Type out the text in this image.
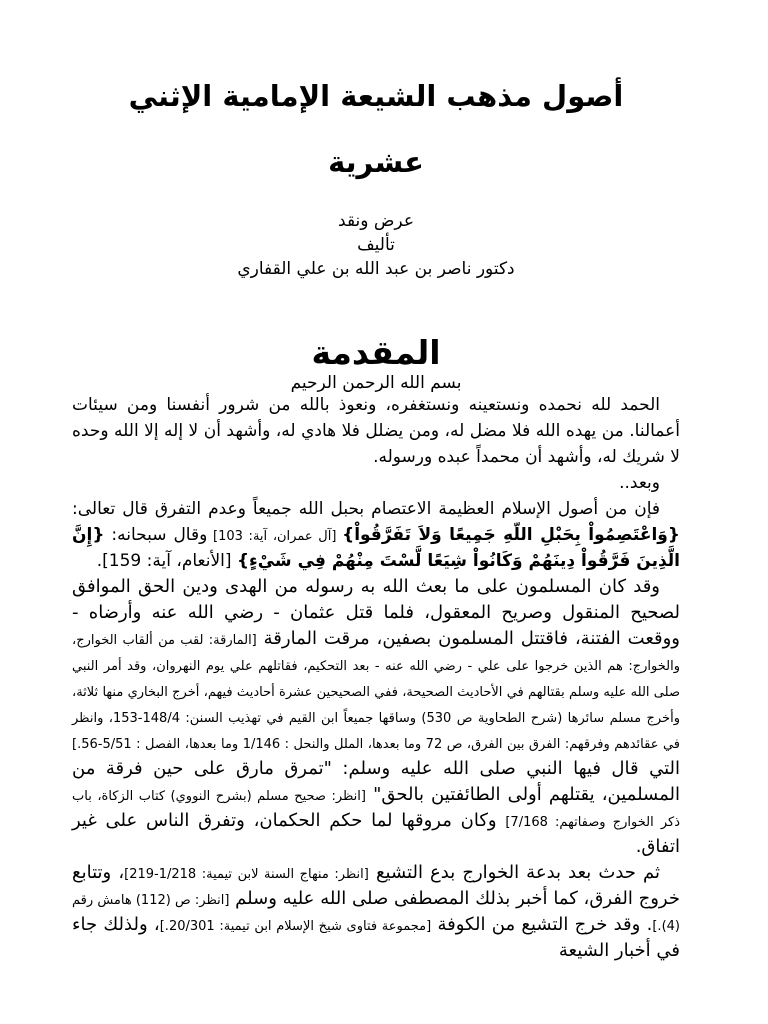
أصول مذهب الشيعة الإمامية الإثني
عشرية
عرض ونقد
تأليف
دكتور ناصر بن عبد الله بن علي القفاري
المقدمة
بسم الله الرحمن الرحيم

الحمد لله نحمده ونستعينه ونستغفره، ونعوذ بالله من شرور أنفسنا ومن سيئات أعمالنا. من يهده الله فلا مضل له، ومن يضلل فلا هادي له، وأشهد أن لا إله إلا الله وحده لا شريك له، وأشهد أن محمداً عبده ورسوله.

وبعد..

فإن من أصول الإسلام العظيمة الاعتصام بحبل الله جميعاً وعدم التفرق قال تعالى: {وَاعْتَصِمُواْ بِحَبْلِ اللّهِ جَمِيعًا وَلاَ تَفَرَّقُواْ} [آل عمران، آية: 103] وقال سبحانه: {إِنَّ الَّذِينَ فَرَّقُواْ دِينَهُمْ وَكَانُواْ شِيَعًا لَّسْتَ مِنْهُمْ فِي شَيْءٍ} [الأنعام، آية: 159].

وقد كان المسلمون على ما بعث الله به رسوله من الهدى ودين الحق الموافق لصحيح المنقول وصريح المعقول، فلما قتل عثمان - رضي الله عنه وأرضاه - ووقعت الفتنة، فاقتتل المسلمون بصفين، مرقت المارقة [المارقة: لقب من ألقاب الخوارج، والخوارج: هم الذين خرجوا على علي - رضي الله عنه - بعد التحكيم، فقاتلهم علي يوم النهروان، وقد أمر النبي صلى الله عليه وسلم بقتالهم في الأحاديث الصحيحة، ففي الصحيحين عشرة أحاديث فيهم، أخرج البخاري منها ثلاثة، وأخرج مسلم سائرها (شرح الطحاوية ص 530) وساقها جميعاً ابن القيم في تهذيب السنن: 148/4-153، وانظر في عقائدهم وفرقهم: الفرق بين الفرق، ص 72 وما بعدها، الملل والنحل : 1/146 وما بعدها، الفصل : 5/51-56.] التي قال فيها النبي صلى الله عليه وسلم: "تمرق مارق على حين فرقة من المسلمين، يقتلهم أولى الطائفتين بالحق" [انظر: صحيح مسلم (بشرح النووي) كتاب الزكاة، باب ذكر الخوارج وصفاتهم: 7/168] وكان مروقها لما حكم الحكمان، وتفرق الناس على غير اتفاق.

ثم حدث بعد بدعة الخوارج بدع التشيع [انظر: منهاج السنة لابن تيمية: 1/218-219]، وتتابع خروج الفرق، كما أخبر بذلك المصطفى صلى الله عليه وسلم [انظر: ص (112) هامش رقم (4).]. وقد خرج التشيع من الكوفة [مجموعة فتاوى شيخ الإسلام ابن تيمية: 20/301.]، ولذلك جاء في أخبار الشيعة
